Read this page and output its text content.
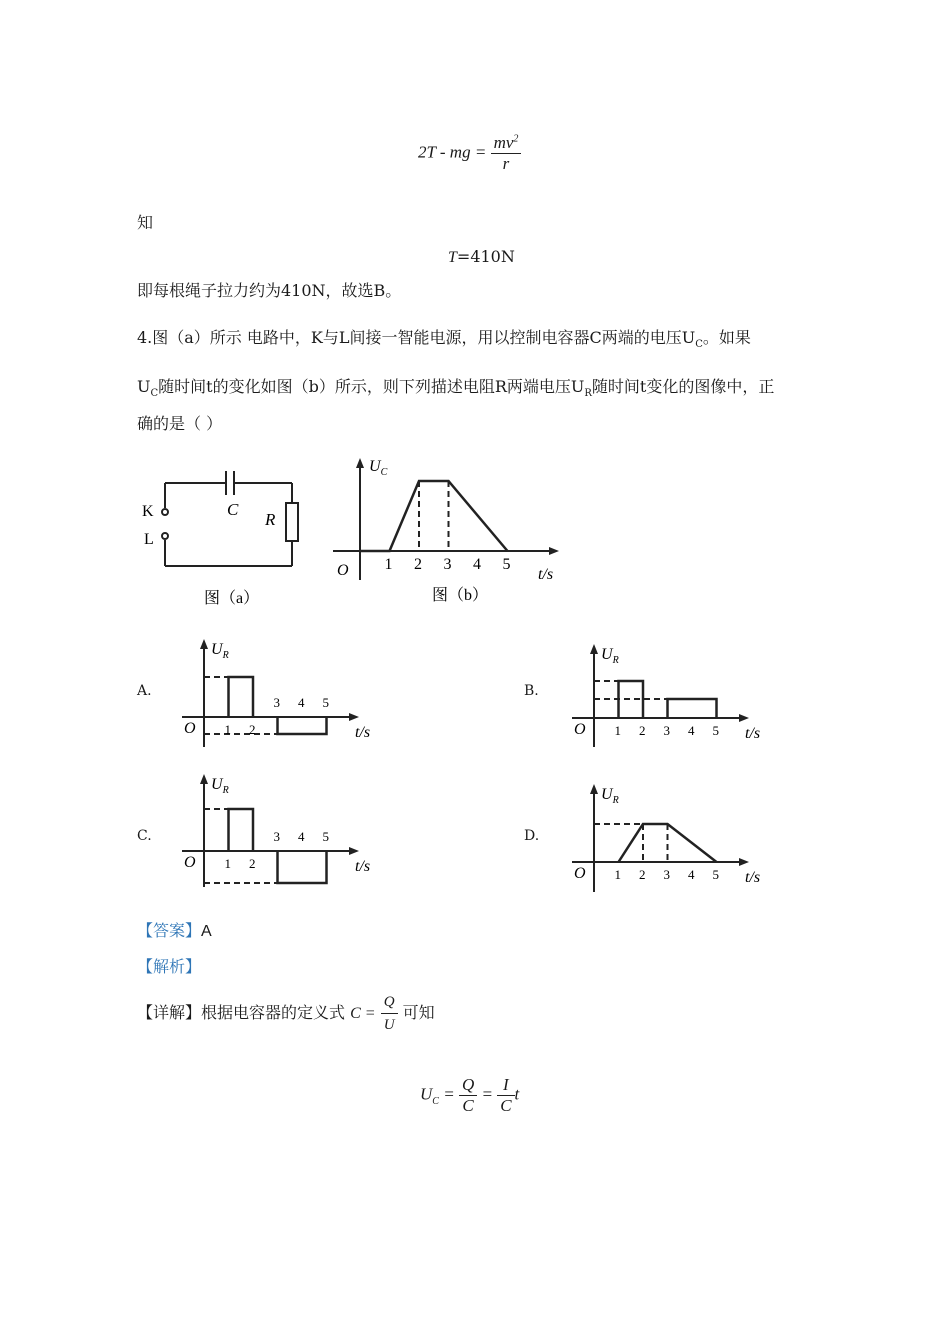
2T - mg = $\frac{mv^2}{r}$
知
T=410N
即每根绳子拉力约为410N，故选B。
4.图（a）所示 电路中，K与L间接一智能电源，用以控制电容器C两端的电压$U_C$。如果
$U_C$随时间t的变化如图（b）所示，则下列描述电阻R两端电压$U_R$随时间t变化的图像中，正
确的是（ ）
K
L
C
R
图（a）
$U_C$
O	t/s
1 2 3 4 5
图（b）
A.
$U_R$
O	t/s
1 2
3 4 5
B.
$U_R$
O	t/s
1 2 3 4 5
C.
$U_R$
O	t/s
1 2
3 4 5	D.
$U_R$
O	t/s
1 2 3 4 5
【答案】A
【解析】
【详解】根据电容器的定义式 $C = \frac{Q}{U}$ 可知
$U_C = \frac{Q}{C} = \frac{I}{C}$ t
